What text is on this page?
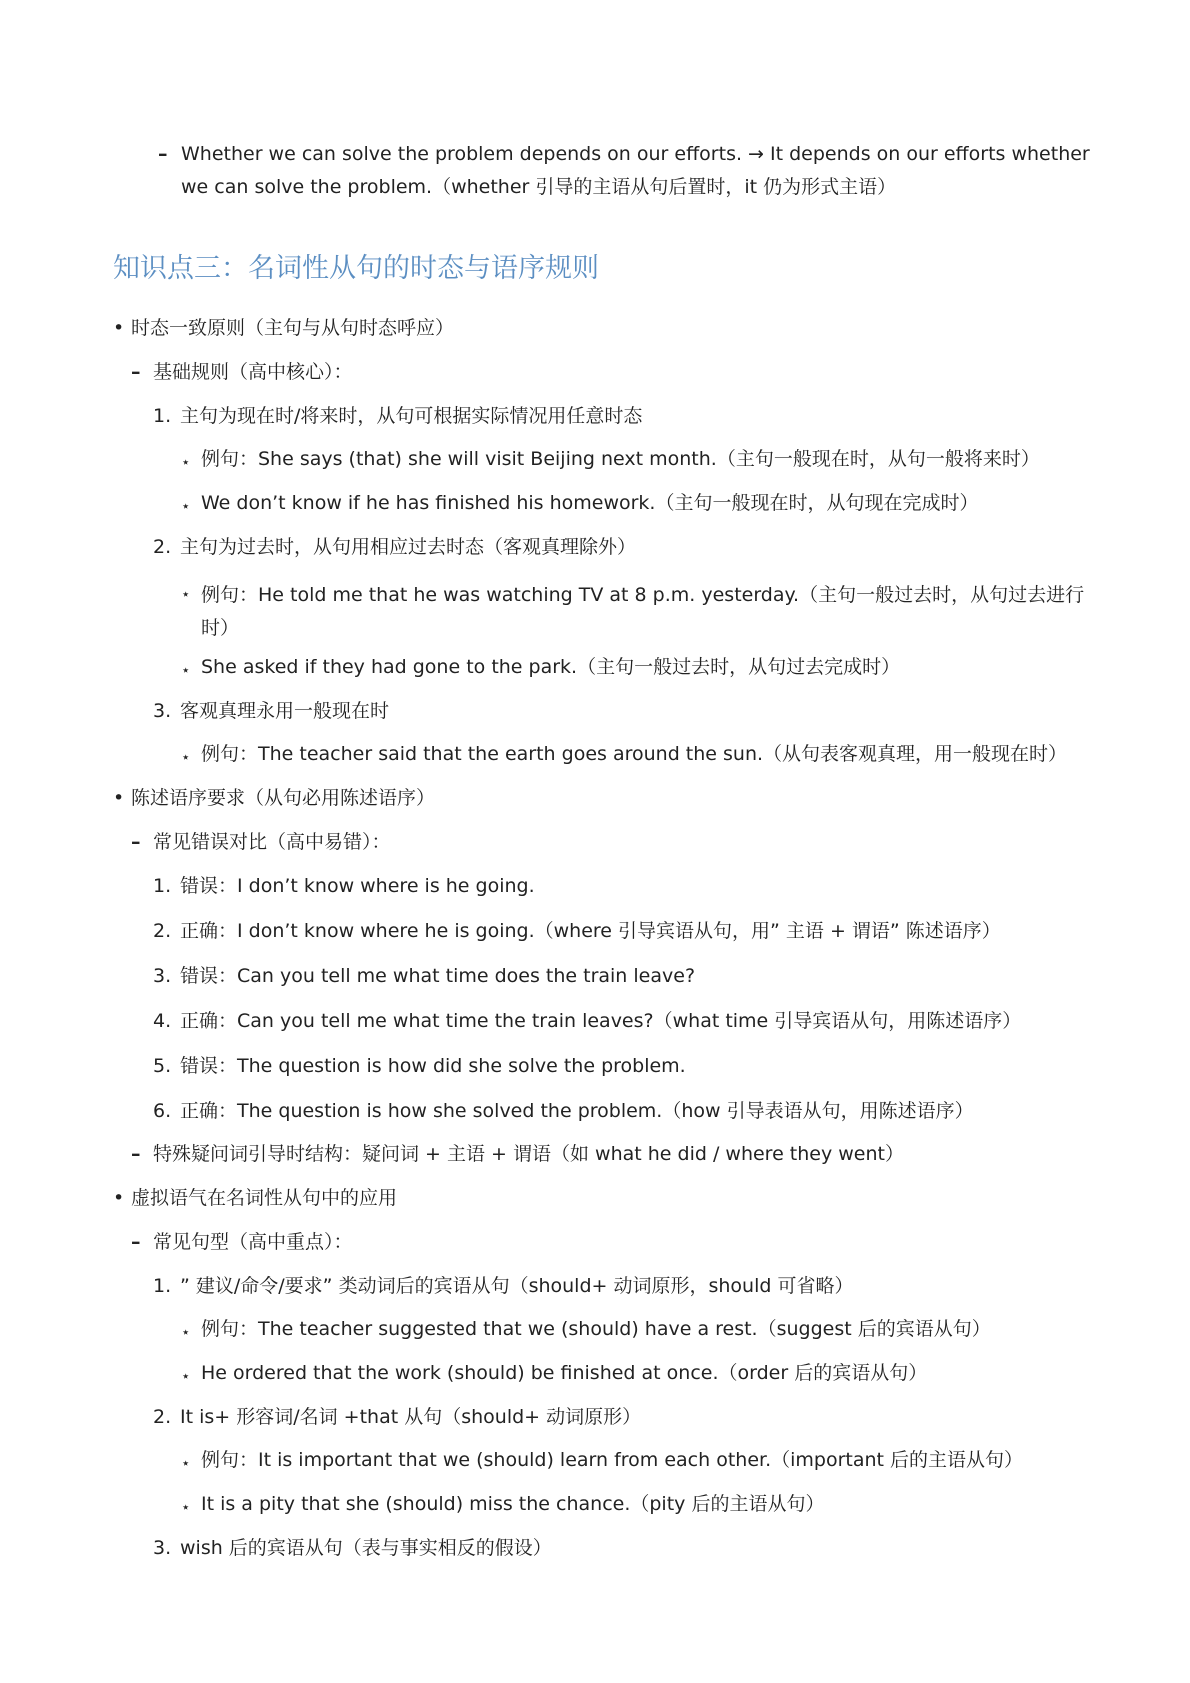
– Whether we can solve the problem depends on our efforts. → It depends on our efforts whether
we can solve the problem.（whether 引导的主语从句后置时，it 仍为形式主语）
知识点三：名词性从句的时态与语序规则
• 时态一致原则（主句与从句时态呼应）
– 基础规则（高中核心）：
1. 主句为现在时/将来时，从句可根据实际情况用任意时态
⋆ 例句：She says (that) she will visit Beijing next month.（主句一般现在时，从句一般将来时）
⋆ We don’t know if he has finished his homework.（主句一般现在时，从句现在完成时）
2. 主句为过去时，从句用相应过去时态（客观真理除外）
⋆ 例句：He told me that he was watching TV at 8 p.m. yesterday.（主句一般过去时，从句过去进行时）
⋆ She asked if they had gone to the park.（主句一般过去时，从句过去完成时）
3. 客观真理永用一般现在时
⋆ 例句：The teacher said that the earth goes around the sun.（从句表客观真理，用一般现在时）
• 陈述语序要求（从句必用陈述语序）
– 常见错误对比（高中易错）：
1. 错误：I don’t know where is he going.
2. 正确：I don’t know where he is going.（where 引导宾语从句，用” 主语 + 谓语” 陈述语序）
3. 错误：Can you tell me what time does the train leave?
4. 正确：Can you tell me what time the train leaves?（what time 引导宾语从句，用陈述语序）
5. 错误：The question is how did she solve the problem.
6. 正确：The question is how she solved the problem.（how 引导表语从句，用陈述语序）
– 特殊疑问词引导时结构：疑问词 + 主语 + 谓语（如 what he did / where they went）
• 虚拟语气在名词性从句中的应用
– 常见句型（高中重点）：
1. ” 建议/命令/要求” 类动词后的宾语从句（should+ 动词原形，should 可省略）
⋆ 例句：The teacher suggested that we (should) have a rest.（suggest 后的宾语从句）
⋆ He ordered that the work (should) be finished at once.（order 后的宾语从句）
2. It is+ 形容词/名词 +that 从句（should+ 动词原形）
⋆ 例句：It is important that we (should) learn from each other.（important 后的主语从句）
⋆ It is a pity that she (should) miss the chance.（pity 后的主语从句）
3. wish 后的宾语从句（表与事实相反的假设）
